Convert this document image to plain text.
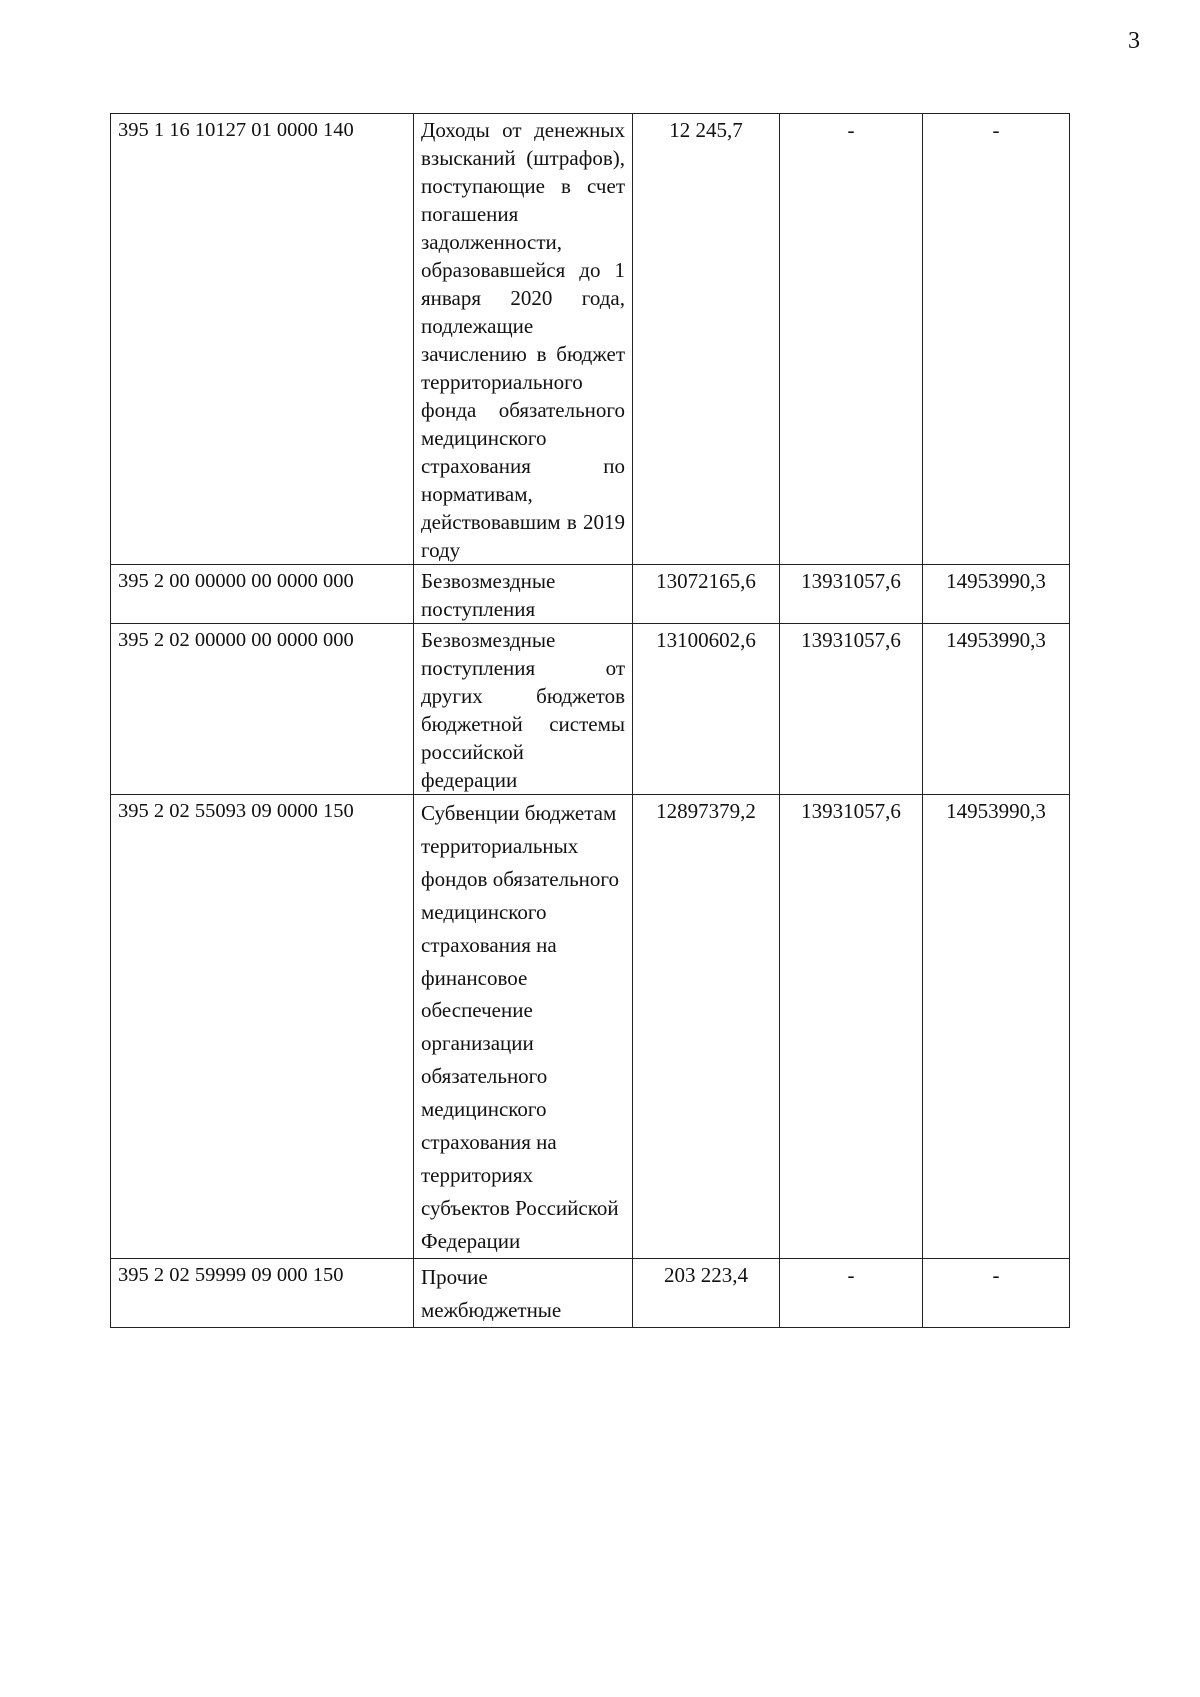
3
395 1 16 10127 01 0000 140	Доходы от денежных взысканий (штрафов), поступающие в счет погашения задолженности, образовавшейся до 1 января 2020 года, подлежащие зачислению в бюджет территориального фонда обязательного медицинского страхования по нормативам, действовавшим в 2019 году	12 245,7	-	-
395 2 00 00000 00 0000 000	Безвозмездные поступления	13072165,6	13931057,6	14953990,3
395 2 02 00000 00 0000 000	Безвозмездные поступления от других бюджетов бюджетной системы российской федерации	13100602,6	13931057,6	14953990,3
395 2 02 55093 09 0000 150	Субвенции бюджетам территориальных фондов обязательного медицинского страхования на финансовое обеспечение организации обязательного медицинского страхования на территориях субъектов Российской Федерации	12897379,2	13931057,6	14953990,3
395 2 02 59999 09 000 150	Прочие межбюджетные	203 223,4	-	-
